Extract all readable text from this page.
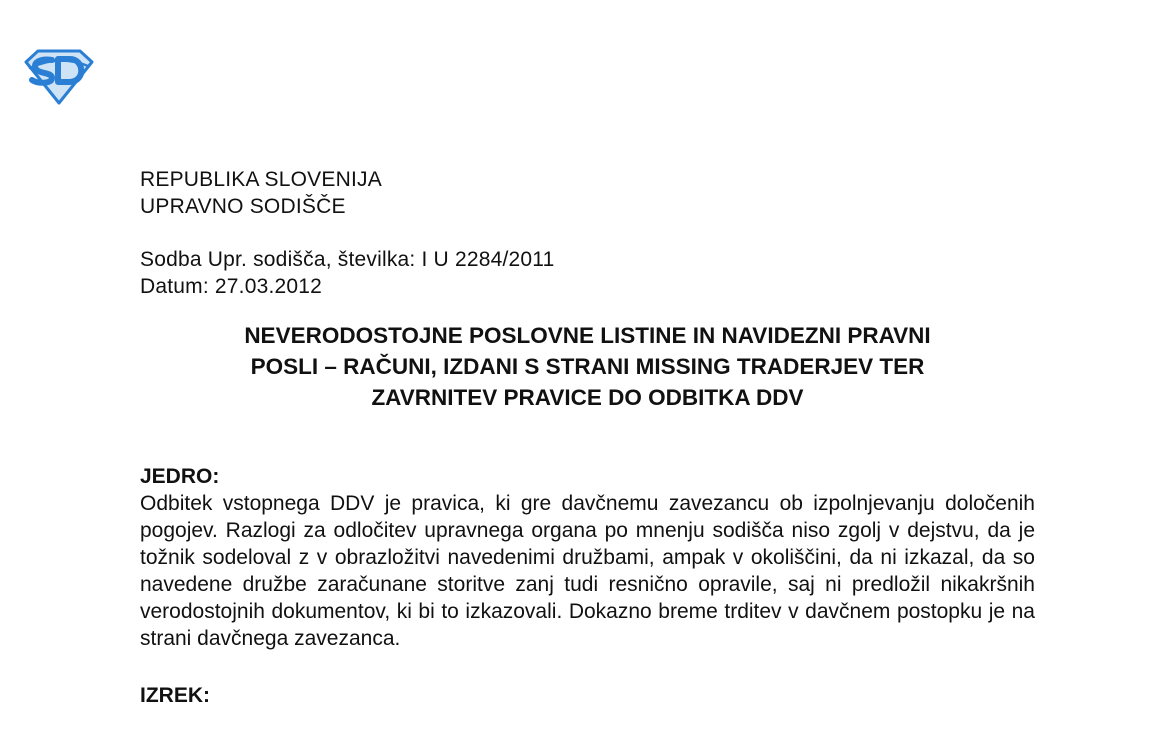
REPUBLIKA SLOVENIJA
UPRAVNO SODIŠČE
Sodba Upr. sodišča, številka: I U 2284/2011
Datum: 27.03.2012
NEVERODOSTOJNE POSLOVNE LISTINE IN NAVIDEZNI PRAVNI
POSLI – RAČUNI, IZDANI S STRANI MISSING TRADERJEV TER
ZAVRNITEV PRAVICE DO ODBITKA DDV
JEDRO:

Odbitek vstopnega DDV je pravica, ki gre davčnemu zavezancu ob izpolnjevanju določenih pogojev. Razlogi za odločitev upravnega organa po mnenju sodišča niso zgolj v dejstvu, da je tožnik sodeloval z v obrazložitvi navedenimi družbami, ampak v okoliščini, da ni izkazal, da so navedene družbe zaračunane storitve zanj tudi resnično opravile, saj ni predložil nikakršnih verodostojnih dokumentov, ki bi to izkazovali. Dokazno breme trditev v davčnem postopku je na strani davčnega zavezanca.

IZREK:
